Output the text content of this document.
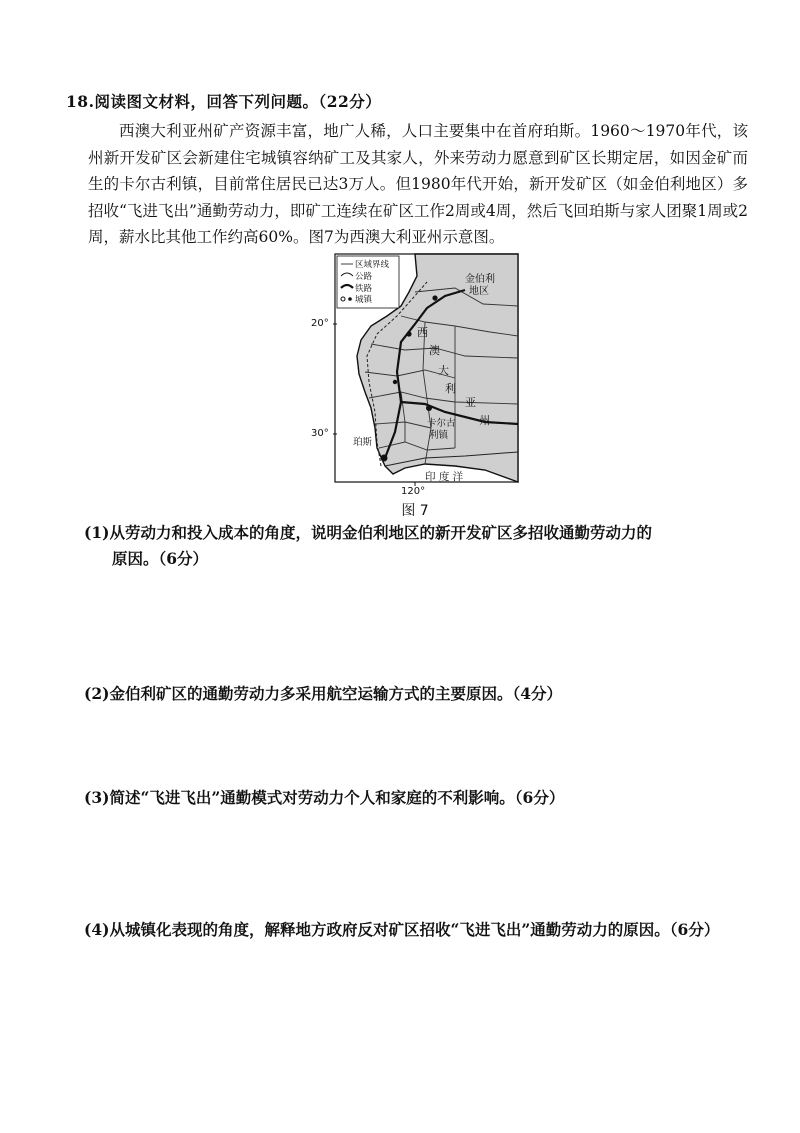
18.阅读图文材料，回答下列问题。（22分）

西澳大利亚州矿产资源丰富，地广人稀，人口主要集中在首府珀斯。1960～1970年代，该州新开发矿区会新建住宅城镇容纳矿工及其家人，外来劳动力愿意到矿区长期定居，如因金矿而生的卡尔古利镇，目前常住居民已达3万人。但1980年代开始，新开发矿区（如金伯利地区）多招收“飞进飞出”通勤劳动力，即矿工连续在矿区工作2周或4周，然后飞回珀斯与家人团聚1周或2周，薪水比其他工作约高60%。图7为西澳大利亚州示意图。

区域界线
公路
铁路
城镇
金伯利
地区
西
澳
大
利
亚
州
卡尔古
利镇
珀斯
印 度 洋
20°
30°
120°
图 7
(1)从劳动力和投入成本的角度，说明金伯利地区的新开发矿区多招收通勤劳动力的
原因。（6分）
(2)金伯利矿区的通勤劳动力多采用航空运输方式的主要原因。（4分）
(3)简述“飞进飞出”通勤模式对劳动力个人和家庭的不利影响。（6分）
(4)从城镇化表现的角度，解释地方政府反对矿区招收“飞进飞出”通勤劳动力的原因。（6分）
